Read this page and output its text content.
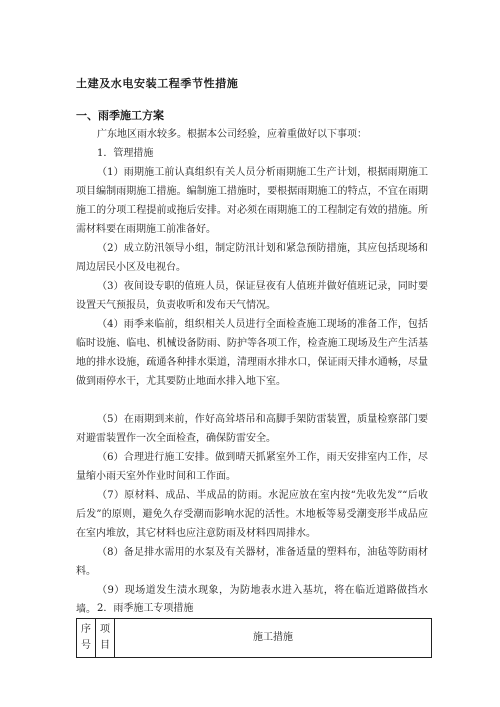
土建及水电安装工程季节性措施
一、雨季施工方案

广东地区雨水较多。根据本公司经验，应着重做好以下事项：

1．管理措施

（1）雨期施工前认真组织有关人员分析雨期施工生产计划，根据雨期施工项目编制雨期施工措施。编制施工措施时，要根据雨期施工的特点，不宜在雨期施工的分项工程提前或拖后安排。对必须在雨期施工的工程制定有效的措施。所需材料要在雨期施工前准备好。

（2）成立防汛领导小组，制定防汛计划和紧急预防措施，其应包括现场和周边居民小区及电视台。

（3）夜间设专职的值班人员，保证昼夜有人值班并做好值班记录，同时要设置天气预报员，负责收听和发布天气情况。

（4）雨季来临前，组织相关人员进行全面检查施工现场的准备工作，包括临时设施、临电、机械设备防雨、防护等各项工作，检查施工现场及生产生活基地的排水设施，疏通各种排水渠道，清理雨水排水口，保证雨天排水通畅，尽量做到雨停水干，尤其要防止地面水排入地下室。

（5）在雨期到来前，作好高耸塔吊和高脚手架防雷装置，质量检察部门要对避雷装置作一次全面检查，确保防雷安全。

（6）合理进行施工安排。做到晴天抓紧室外工作，雨天安排室内工作，尽量缩小雨天室外作业时间和工作面。

（7）原材料、成品、半成品的防雨。水泥应放在室内按“先收先发”“后收后发”的原则，避免久存受潮而影响水泥的活性。木地板等易受潮变形半成品应在室内堆放，其它材料也应注意防雨及材料四周排水。

（8）备足排水需用的水泵及有关器材，准备适量的塑料布，油毡等防雨材料。

（9）现场道发生渍水现象，为防地表水进入基坑，将在临近道路做挡水墙。 2．雨季施工专项措施
序号	项目	施工措施
